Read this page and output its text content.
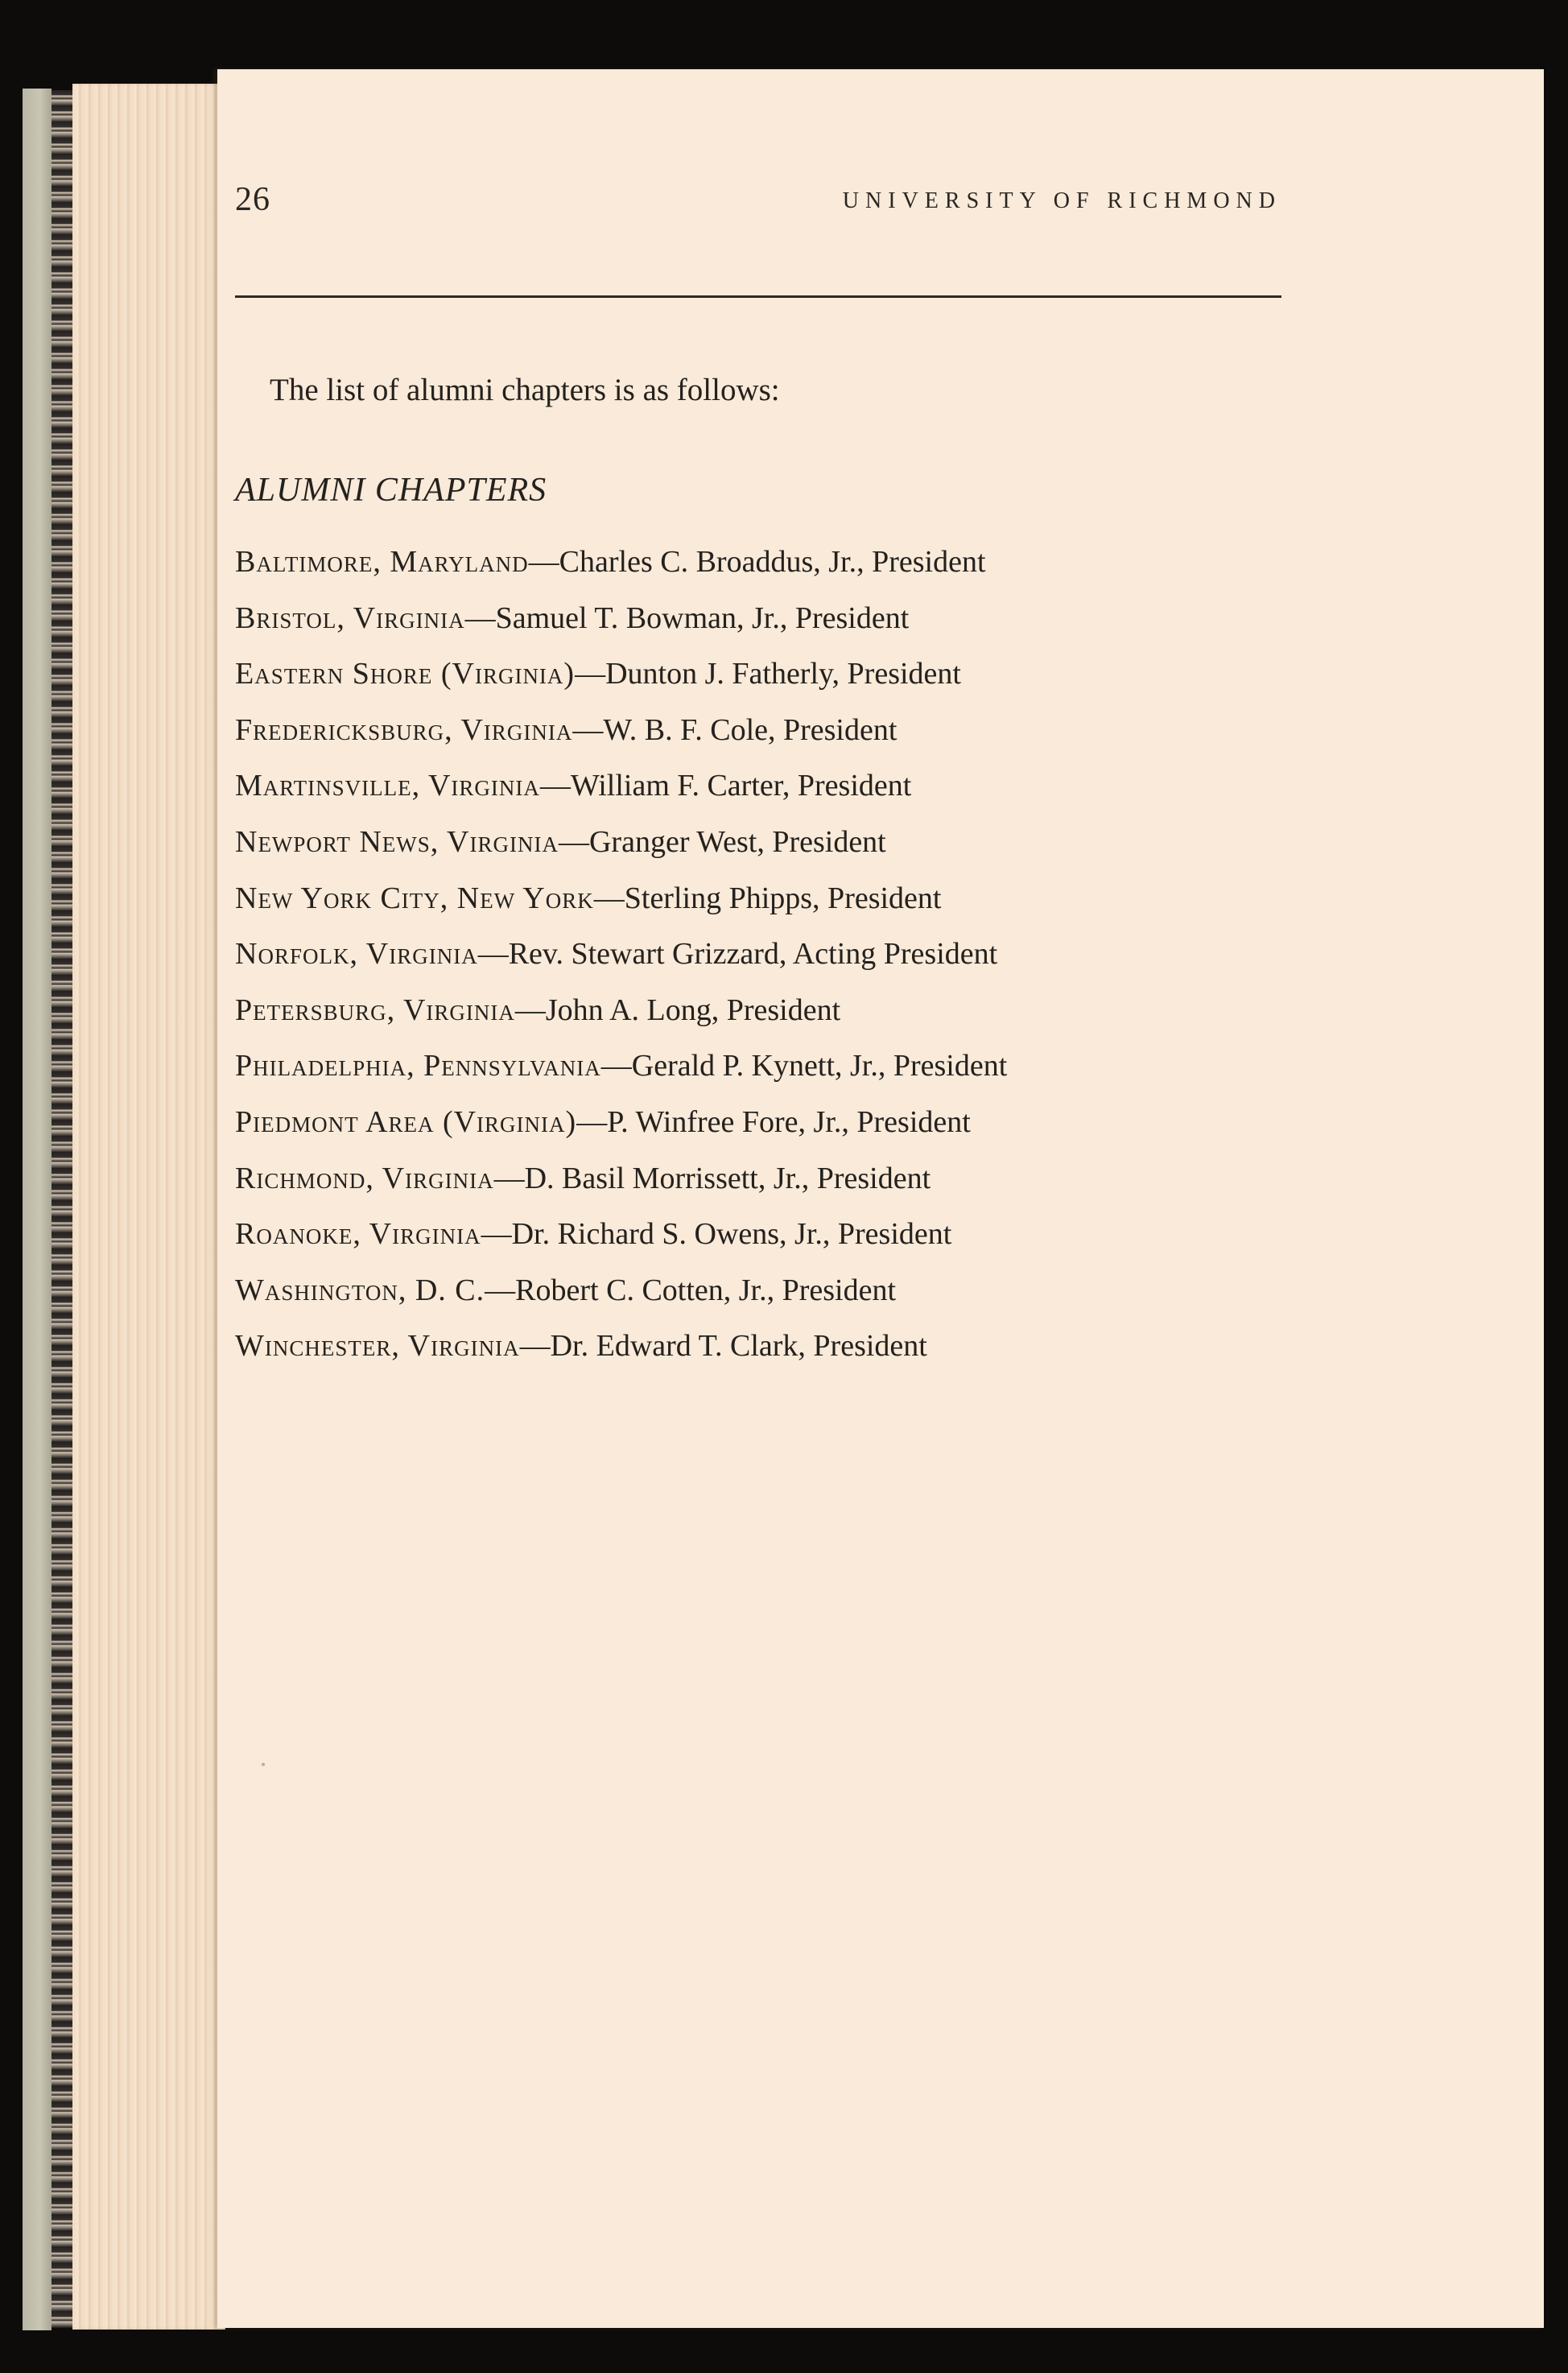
26	UNIVERSITY OF RICHMOND
The list of alumni chapters is as follows:
ALUMNI CHAPTERS
Baltimore, Maryland—Charles C. Broaddus, Jr., President
Bristol, Virginia—Samuel T. Bowman, Jr., President
Eastern Shore (Virginia)—Dunton J. Fatherly, President
Fredericksburg, Virginia—W. B. F. Cole, President
Martinsville, Virginia—William F. Carter, President
Newport News, Virginia—Granger West, President
New York City, New York—Sterling Phipps, President
Norfolk, Virginia—Rev. Stewart Grizzard, Acting President
Petersburg, Virginia—John A. Long, President
Philadelphia, Pennsylvania—Gerald P. Kynett, Jr., President
Piedmont Area (Virginia)—P. Winfree Fore, Jr., President
Richmond, Virginia—D. Basil Morrissett, Jr., President
Roanoke, Virginia—Dr. Richard S. Owens, Jr., President
Washington, D. C.—Robert C. Cotten, Jr., President
Winchester, Virginia—Dr. Edward T. Clark, President
